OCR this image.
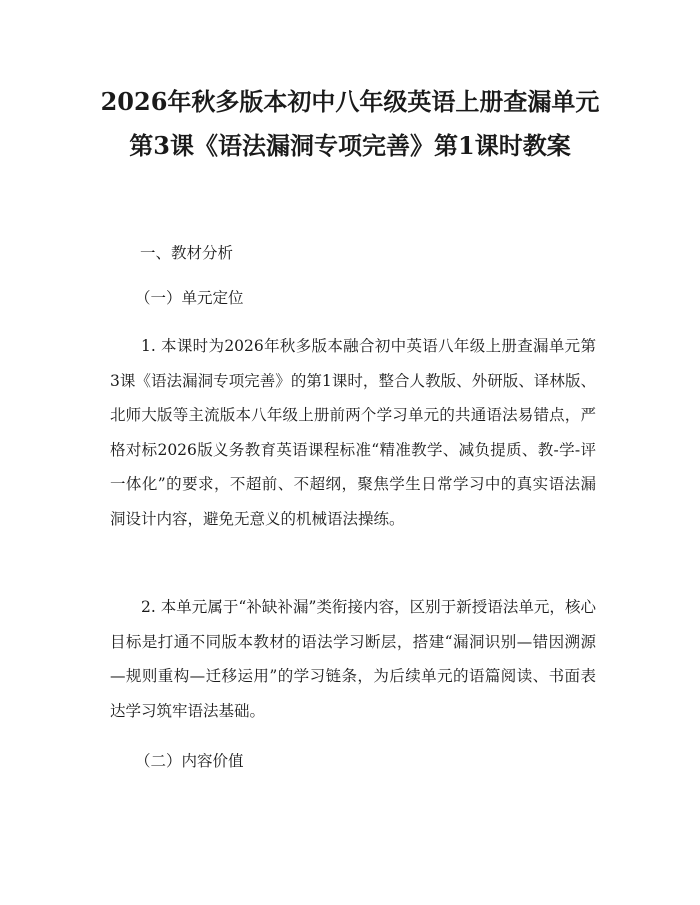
2026年秋多版本初中八年级英语上册查漏单元第3课《语法漏洞专项完善》第1课时教案

一、教材分析

（一）单元定位

1. 本课时为2026年秋多版本融合初中英语八年级上册查漏单元第3课《语法漏洞专项完善》的第1课时，整合人教版、外研版、译林版、北师大版等主流版本八年级上册前两个学习单元的共通语法易错点，严格对标2026版义务教育英语课程标准“精准教学、减负提质、教-学-评一体化”的要求，不超前、不超纲，聚焦学生日常学习中的真实语法漏洞设计内容，避免无意义的机械语法操练。

2. 本单元属于“补缺补漏”类衔接内容，区别于新授语法单元，核心目标是打通不同版本教材的语法学习断层，搭建“漏洞识别—错因溯源—规则重构—迁移运用”的学习链条，为后续单元的语篇阅读、书面表达学习筑牢语法基础。

（二）内容价值
